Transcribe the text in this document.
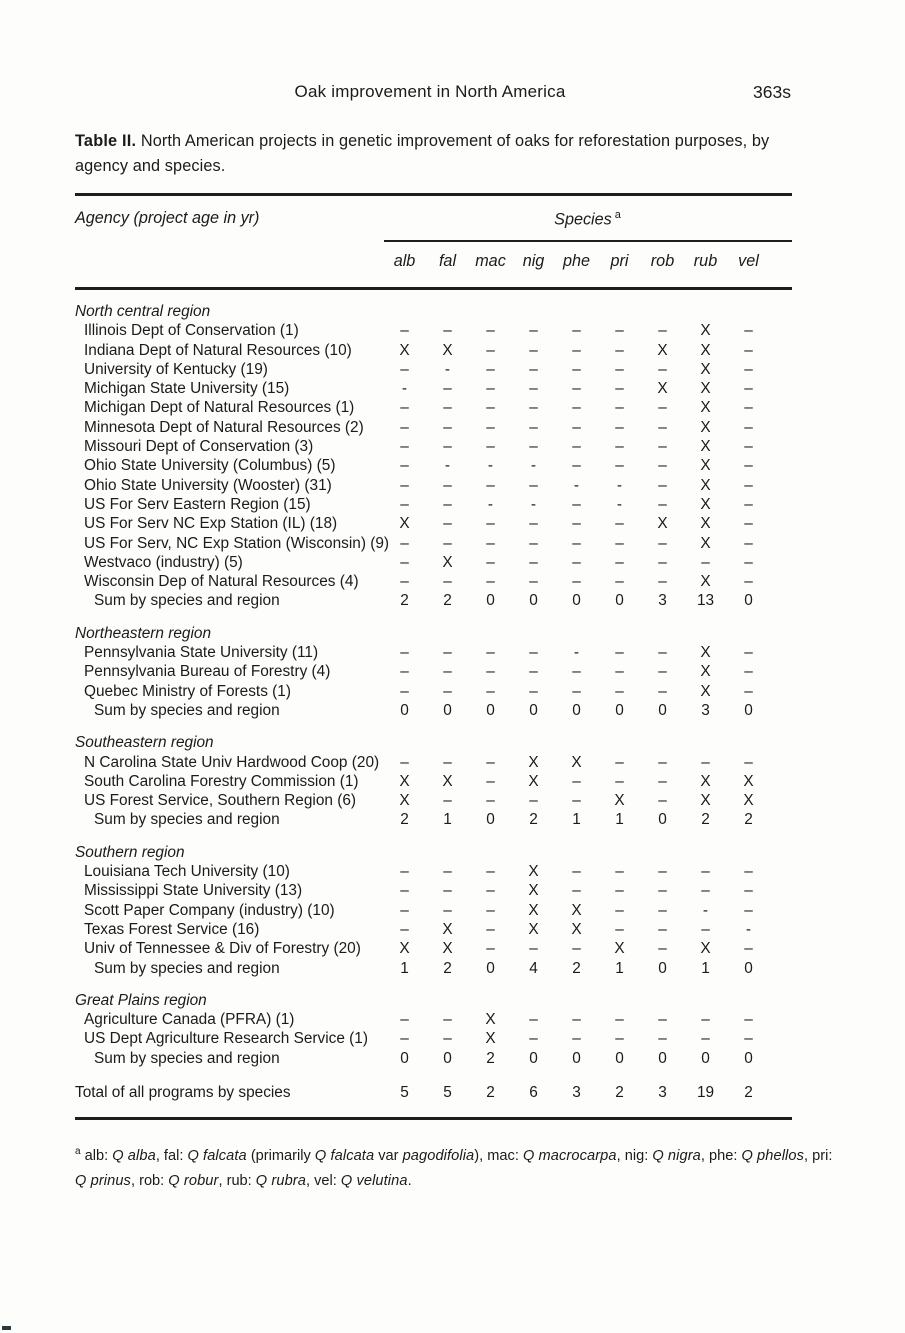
Oak improvement in North America	363s

Table II. North American projects in genetic improvement of oaks for reforestation purposes, by agency and species.

Agency (project age in yr)	Species $^a$
alb	fal	mac	nig	phe	pri	rob	rub	vel
North central region
Illinois Dept of Conservation (1)	–	–	–	–	–	–	–	X	–
Indiana Dept of Natural Resources (10)	X	X	–	–	–	–	X	X	–
University of Kentucky (19)	–	-	–	–	–	–	–	X	–
Michigan State University (15)	-	–	–	–	–	–	X	X	–
Michigan Dept of Natural Resources (1)	–	–	–	–	–	–	–	X	–
Minnesota Dept of Natural Resources (2)	–	–	–	–	–	–	–	X	–
Missouri Dept of Conservation (3)	–	–	–	–	–	–	–	X	–
Ohio State University (Columbus) (5)	–	-	-	-	–	–	–	X	–
Ohio State University (Wooster) (31)	–	–	–	–	-	-	–	X	–
US For Serv Eastern Region (15)	–	–	-	-	–	-	–	X	–
US For Serv NC Exp Station (IL) (18)	X	–	–	–	–	–	X	X	–
US For Serv, NC Exp Station (Wisconsin) (9) –	–	–	–	–	–	–	X	–
Westvaco (industry) (5)	–	X	–	–	–	–	–	–	–
Wisconsin Dep of Natural Resources (4)	–	–	–	–	–	–	–	X	–
Sum by species and region	2	2	0	0	0	0	3	13	0
Northeastern region
Pennsylvania State University (11)	–	–	–	–	-	–	–	X	–
Pennsylvania Bureau of Forestry (4)	–	–	–	–	–	–	–	X	–
Quebec Ministry of Forests (1)	–	–	–	–	–	–	–	X	–
Sum by species and region	0	0	0	0	0	0	0	3	0
Southeastern region
N Carolina State Univ Hardwood Coop (20)	–	–	–	X	X	–	–	–	–
South Carolina Forestry Commission (1)	X	X	–	X	–	–	–	X	X
US Forest Service, Southern Region (6)	X	–	–	–	–	X	–	X	X
Sum by species and region	2	1	0	2	1	1	0	2	2
Southern region
Louisiana Tech University (10)	–	–	–	X	–	–	–	–	–
Mississippi State University (13)	–	–	–	X	–	–	–	–	–
Scott Paper Company (industry) (10)	–	–	–	X	X	–	–	-	–
Texas Forest Service (16)	–	X	–	X	X	–	–	–	-
Univ of Tennessee & Div of Forestry (20)	X	X	–	–	–	X	–	X	–
Sum by species and region	1	2	0	4	2	1	0	1	0
Great Plains region
Agriculture Canada (PFRA) (1)	–	–	X	–	–	–	–	–	–
US Dept Agriculture Research Service (1)	–	–	X	–	–	–	–	–	–
Sum by species and region	0	0	2	0	0	0	0	0	0
Total of all programs by species	5	5	2	6	3	2	3	19	2

$^a$ alb: Q alba, fal: Q falcata (primarily Q falcata var pagodifolia), mac: Q macrocarpa, nig: Q nigra, phe: Q phellos, pri: Q prinus, rob: Q robur, rub: Q rubra, vel: Q velutina.
